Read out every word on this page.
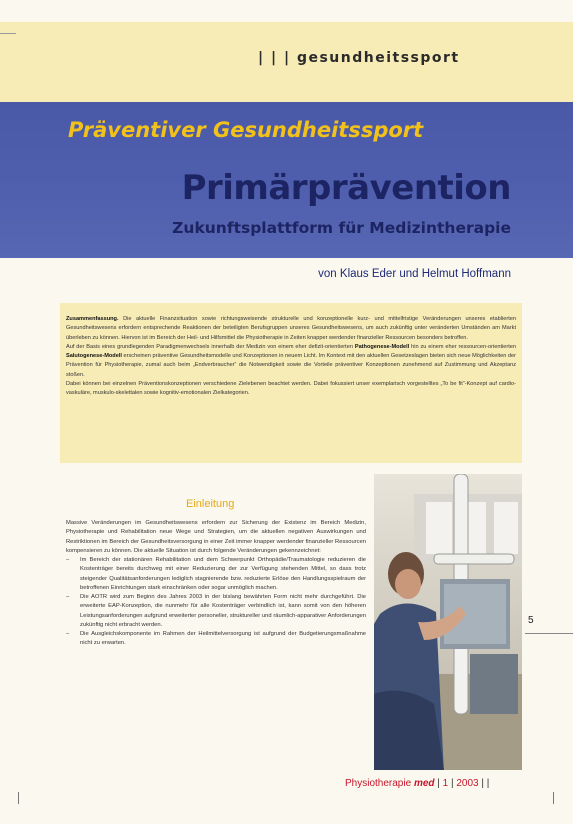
| | | gesundheitssport
Präventiver Gesundheitssport
Primärprävention
Zukunftsplattform für Medizintherapie
von Klaus Eder und Helmut Hoffmann

Zusammenfassung. Die aktuelle Finanzsituation sowie richtungsweisende strukturelle und konzeptionelle kurz- und mittelfristige Veränderungen unseres etablierten Gesundheitswesens erfordern entsprechende Reaktionen der beteiligten Berufsgruppen unseres Gesundheitswesens, um auch zukünftig unter veränderten Umständen am Markt überleben zu können. Hiervon ist im Bereich der Heil- und Hilfsmittel die Physiotherapie in Zeiten knapper werdender finanzieller Ressourcen besonders betroffen.

Auf der Basis eines grundlegenden Paradigmenwechsels innerhalb der Medizin von einem eher defizit-orientierten Pathogenese-Modell hin zu einem eher ressourcen-orientierten Salutogenese-Modell erscheinen präventive Gesundheitsmodelle und Konzeptionen in neuem Licht. Im Kontext mit den aktuellen Gesetzeslagen bieten sich neue Möglichkeiten der Prävention für Physiotherapie, zumal auch beim „Endverbraucher“ die Notwendigkeit sowie die Vorteile präventiver Konzeptionen zunehmend auf Zustimmung und Akzeptanz stoßen.

Dabei können bei einzelnen Präventionskonzeptionen verschiedene Zielebenen beachtet werden. Dabei fokussiert unser exemplarisch vorgestelltes „To be fit“-Konzept auf cardio-vaskuläre, muskulo-skelettalen sowie kognitiv-emotionalen Zielkategorien.

Einleitung

Massive Veränderungen im Gesundheitswesens erfordern zur Sicherung der Existenz im Bereich Medizin, Physiotherapie und Rehabilitation neue Wege und Strategien, um die aktuellen negativen Auswirkungen und Restriktionen im Bereich der Gesundheitsversorgung in einer Zeit immer knapper werdender finanzieller Ressourcen kompensieren zu können. Die aktuelle Situation ist durch folgende Veränderungen gekennzeichnet:

– Im Bereich der stationären Rehabilitation und dem Schwerpunkt Orthopädie/Traumatologie reduzieren die Kostenträger bereits durchweg mit einer Reduzierung der zur Verfügung stehenden Mittel, so dass trotz steigender Qualitätsanforderungen lediglich stagnierende bzw. reduzierte Erlöse den Handlungsspielraum der betroffenen Einrichtungen stark einschränken oder sogar unmöglich machen.
– Die AOTR wird zum Beginn des Jahres 2003 in der bislang bewährten Form nicht mehr durchgeführt. Die erweiterte EAP-Konzeption, die nunmehr für alle Kostenträger verbindlich ist, kann somit von den höheren Leistungsanforderungen aufgrund erweiterter personeller, struktureller und räumlich-apparativer Anforderungen zukünftig nicht erbracht werden.
– Die Ausgleichskomponente im Rahmen der Heilmittelversorgung ist aufgrund der Budgetierungsmaßnahme nicht zu erwarten.
5
Physiotherapie med | 1 | 2003 | |
